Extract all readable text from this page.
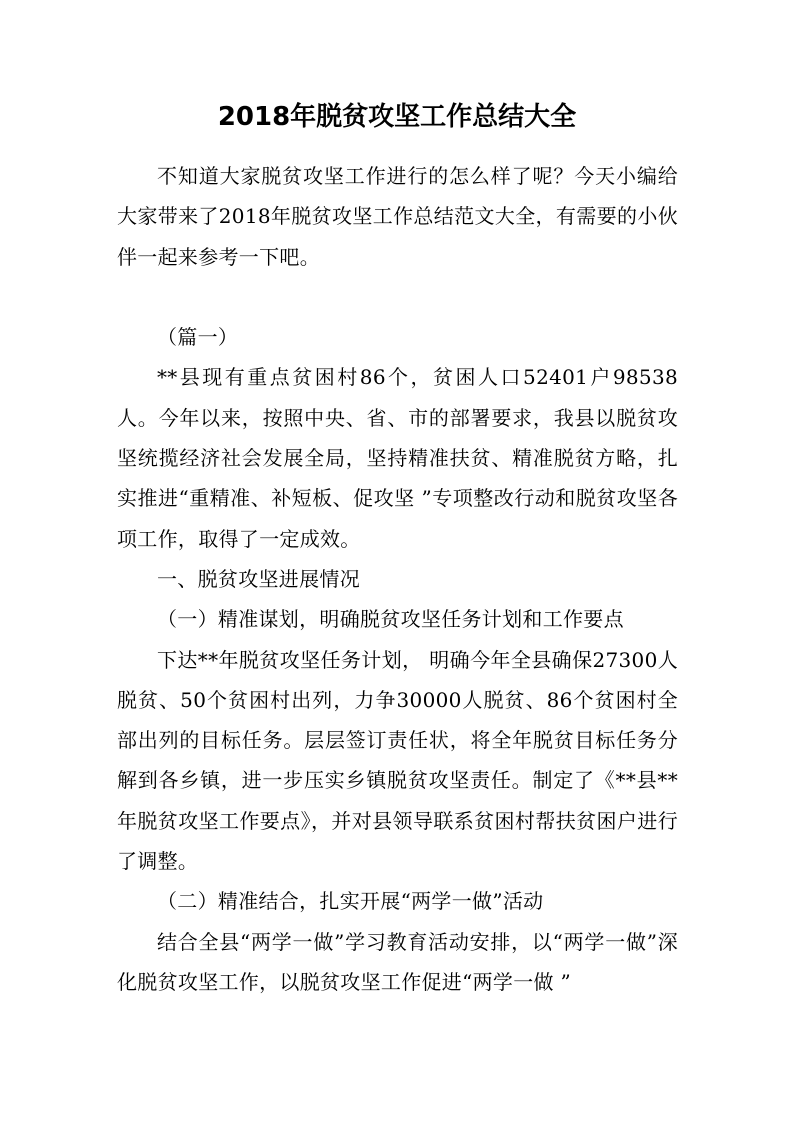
2018年脱贫攻坚工作总结大全

不知道大家脱贫攻坚工作进行的怎么样了呢？今天小编给大家带来了2018年脱贫攻坚工作总结范文大全，有需要的小伙伴一起来参考一下吧。

（篇一）

**县现有重点贫困村86个，贫困人口52401户98538人。今年以来，按照中央、省、市的部署要求，我县以脱贫攻坚统揽经济社会发展全局，坚持精准扶贫、精准脱贫方略，扎实推进“重精准、补短板、促攻坚 ”专项整改行动和脱贫攻坚各项工作，取得了一定成效。

一、脱贫攻坚进展情况

（一）精准谋划，明确脱贫攻坚任务计划和工作要点

下达**年脱贫攻坚任务计划， 明确今年全县确保27300人脱贫、50个贫困村出列，力争30000人脱贫、86个贫困村全部出列的目标任务。层层签订责任状，将全年脱贫目标任务分解到各乡镇，进一步压实乡镇脱贫攻坚责任。制定了《**县**年脱贫攻坚工作要点》，并对县领导联系贫困村帮扶贫困户进行了调整。

（二）精准结合，扎实开展“两学一做”活动

结合全县“两学一做”学习教育活动安排，以“两学一做”深化脱贫攻坚工作，以脱贫攻坚工作促进“两学一做 ”
